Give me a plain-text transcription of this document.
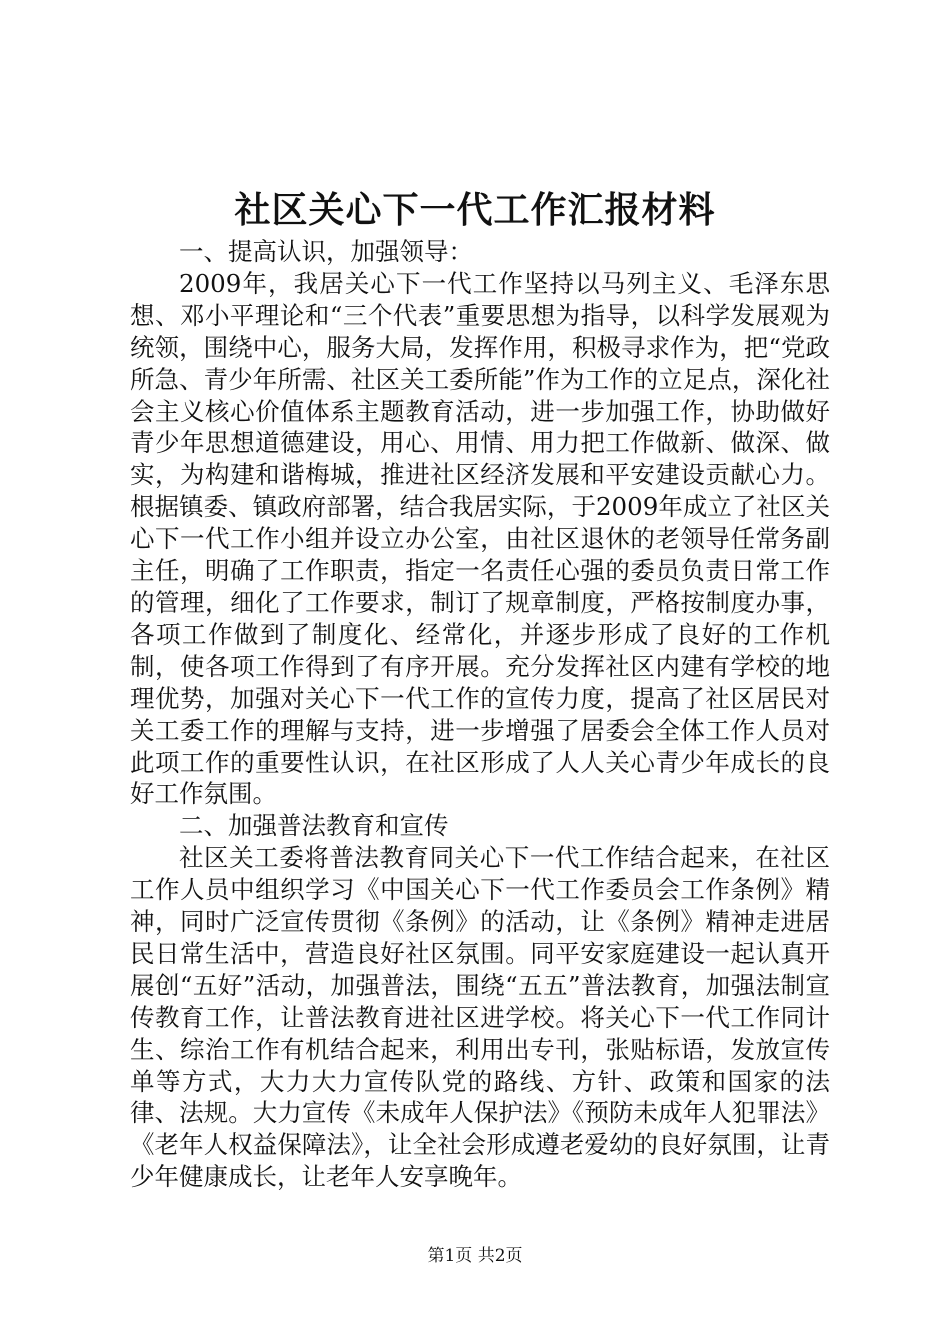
社区关心下一代工作汇报材料

一、提高认识，加强领导：

2009年，我居关心下一代工作坚持以马列主义、毛泽东思想、邓小平理论和“三个代表”重要思想为指导，以科学发展观为统领，围绕中心，服务大局，发挥作用，积极寻求作为，把“党政所急、青少年所需、社区关工委所能”作为工作的立足点，深化社会主义核心价值体系主题教育活动，进一步加强工作，协助做好青少年思想道德建设，用心、用情、用力把工作做新、做深、做实，为构建和谐梅城，推进社区经济发展和平安建设贡献心力。根据镇委、镇政府部署，结合我居实际，于2009年成立了社区关心下一代工作小组并设立办公室，由社区退休的老领导任常务副主任，明确了工作职责，指定一名责任心强的委员负责日常工作的管理，细化了工作要求，制订了规章制度，严格按制度办事，各项工作做到了制度化、经常化，并逐步形成了良好的工作机制，使各项工作得到了有序开展。充分发挥社区内建有学校的地理优势，加强对关心下一代工作的宣传力度，提高了社区居民对关工委工作的理解与支持，进一步增强了居委会全体工作人员对此项工作的重要性认识，在社区形成了人人关心青少年成长的良好工作氛围。

二、加强普法教育和宣传

社区关工委将普法教育同关心下一代工作结合起来，在社区工作人员中组织学习《中国关心下一代工作委员会工作条例》精神，同时广泛宣传贯彻《条例》的活动，让《条例》精神走进居民日常生活中，营造良好社区氛围。同平安家庭建设一起认真开展创“五好”活动，加强普法，围绕“五五”普法教育，加强法制宣传教育工作，让普法教育进社区进学校。将关心下一代工作同计生、综治工作有机结合起来，利用出专刊，张贴标语，发放宣传单等方式，大力大力宣传队党的路线、方针、政策和国家的法律、法规。大力宣传《未成年人保护法》《预防未成年人犯罪法》《老年人权益保障法》，让全社会形成遵老爱幼的良好氛围，让青少年健康成长，让老年人安享晚年。

第1页 共2页
